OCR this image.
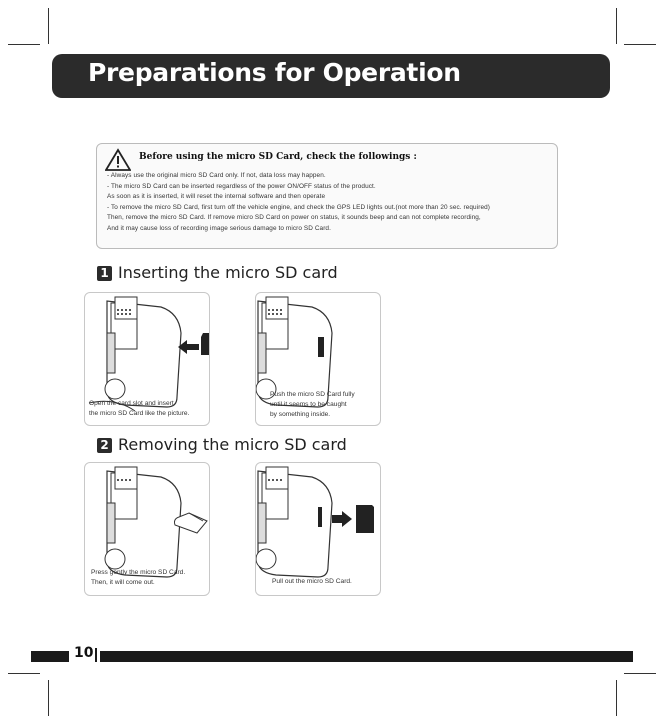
Preparations for Operation
Before using the micro SD Card, check the followings :
- Always use the original micro SD Card only. If not, data loss may happen.
- The micro SD Card can be inserted regardless of the power ON/OFF status of the product.
As soon as it is inserted, it will reset the internal software and then operate
- To remove the micro SD Card, first turn off the vehicle engine, and check the GPS LED lights out.(not more than 20 sec. required)
Then, remove the micro SD Card. If remove micro SD Card on power on status, it sounds beep and can not complete recording,
And it may cause loss of recording image serious damage to micro SD Card.
1 Inserting the micro SD card
Open the card slot and insert
the micro SD Card like the picture.
Push the micro SD Card fully
until it seems to be caught
by something inside.
2 Removing the micro SD card
Press gently the micro SD Card.
Then, it will come out.	Pull out the micro SD Card.
10
